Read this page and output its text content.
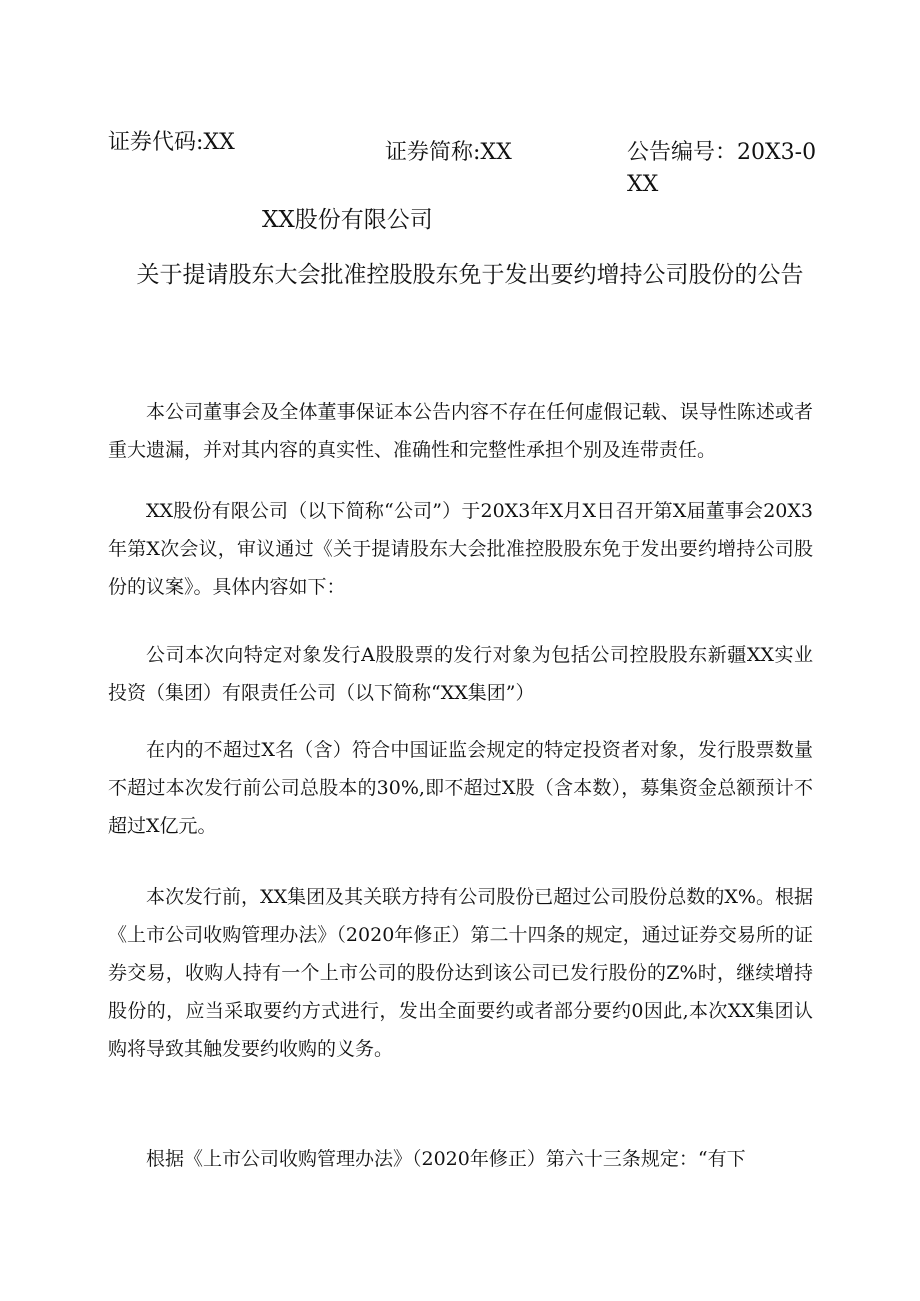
证券代码:XX	证券简称:XX	公告编号：20X3-0XX
XX股份有限公司
关于提请股东大会批准控股股东免于发出要约增持公司股份的公告

本公司董事会及全体董事保证本公告内容不存在任何虚假记载、误导性陈述或者重大遗漏，并对其内容的真实性、准确性和完整性承担个别及连带责任。

XX股份有限公司（以下简称“公司”）于20X3年X月X日召开第X届董事会20X3年第X次会议，审议通过《关于提请股东大会批准控股股东免于发出要约增持公司股份的议案》。具体内容如下：

公司本次向特定对象发行A股股票的发行对象为包括公司控股股东新疆XX实业投资（集团）有限责任公司（以下简称“XX集团”）

在内的不超过X名（含）符合中国证监会规定的特定投资者对象，发行股票数量不超过本次发行前公司总股本的30%,即不超过X股（含本数），募集资金总额预计不超过X亿元。

本次发行前，XX集团及其关联方持有公司股份已超过公司股份总数的X%。根据《上市公司收购管理办法》（2020年修正）第二十四条的规定，通过证券交易所的证券交易，收购人持有一个上市公司的股份达到该公司已发行股份的Z%时，继续增持股份的，应当采取要约方式进行，发出全面要约或者部分要约0因此,本次XX集团认购将导致其触发要约收购的义务。

根据《上市公司收购管理办法》（2020年修正）第六十三条规定：“有下
